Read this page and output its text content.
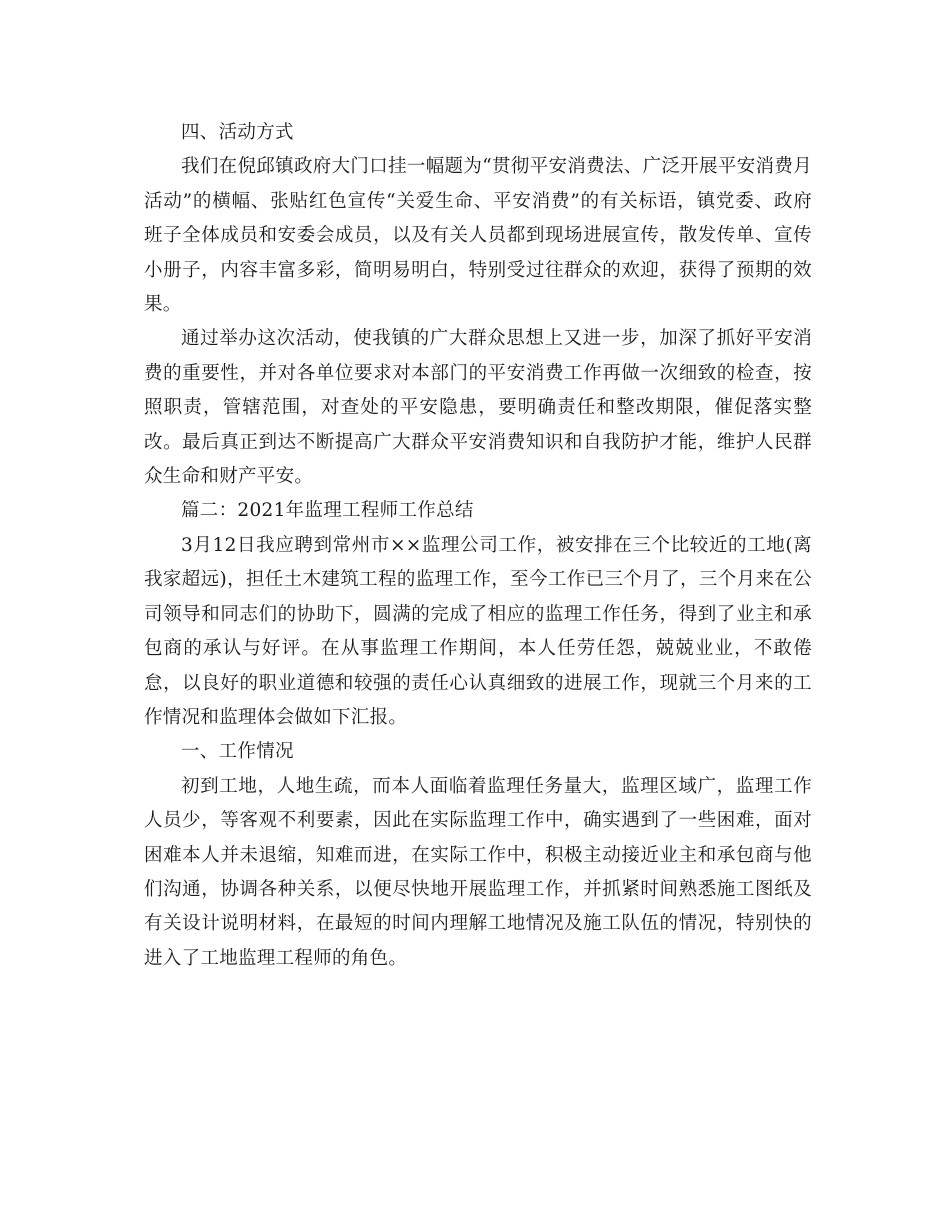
四、活动方式

我们在倪邱镇政府大门口挂一幅题为“贯彻平安消费法、广泛开展平安消费月活动”的横幅、张贴红色宣传“关爱生命、平安消费”的有关标语，镇党委、政府班子全体成员和安委会成员，以及有关人员都到现场进展宣传，散发传单、宣传小册子，内容丰富多彩，简明易明白，特别受过往群众的欢迎，获得了预期的效果。

通过举办这次活动，使我镇的广大群众思想上又进一步，加深了抓好平安消费的重要性，并对各单位要求对本部门的平安消费工作再做一次细致的检查，按照职责，管辖范围，对查处的平安隐患，要明确责任和整改期限，催促落实整改。最后真正到达不断提高广大群众平安消费知识和自我防护才能，维护人民群众生命和财产平安。

篇二：2021年监理工程师工作总结

3月12日我应聘到常州市××监理公司工作，被安排在三个比较近的工地(离我家超远)，担任土木建筑工程的监理工作，至今工作已三个月了，三个月来在公司领导和同志们的协助下，圆满的完成了相应的监理工作任务，得到了业主和承包商的承认与好评。在从事监理工作期间，本人任劳任怨，兢兢业业，不敢倦怠，以良好的职业道德和较强的责任心认真细致的进展工作，现就三个月来的工作情况和监理体会做如下汇报。

一、工作情况

初到工地，人地生疏，而本人面临着监理任务量大，监理区域广，监理工作人员少，等客观不利要素，因此在实际监理工作中，确实遇到了一些困难，面对困难本人并未退缩，知难而进，在实际工作中，积极主动接近业主和承包商与他们沟通，协调各种关系，以便尽快地开展监理工作，并抓紧时间熟悉施工图纸及有关设计说明材料，在最短的时间内理解工地情况及施工队伍的情况，特别快的进入了工地监理工程师的角色。
